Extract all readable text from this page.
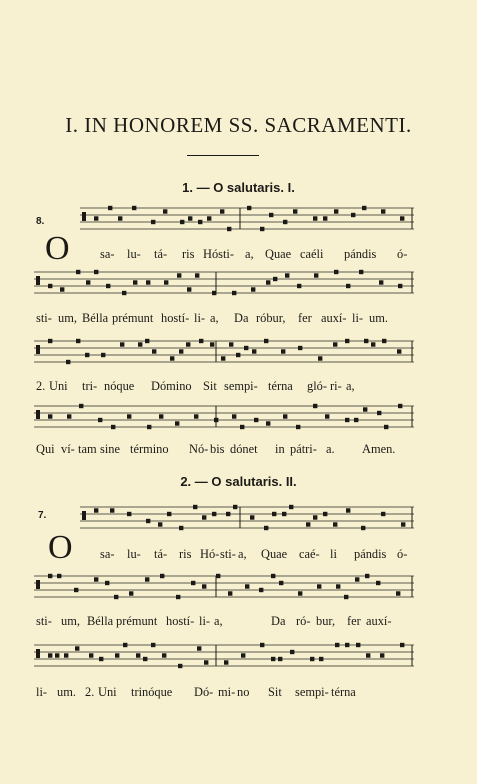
I. IN HONOREM SS. SACRAMENTI.
1. — O salutaris. I.
8.
O sa- lu- tá- ris Hósti- a, Quae caéli pándis ó-
sti- um, Béllа prémunt hostí- li- a, Da róbur, fer auxí- li- um.
2. Uni tri- nóque Dómino Sit sempi- térna gló- ri- a,
Qui ví- tam sine término Nó- bis dónet in pátri- a. Amen.
2. — O salutaris. II.
7.
O sa- lu- tá- ris Hó- sti- a, Quae caé- li pándis ó-
sti- um, Béllа prémunt hostí- li- a,	Da ró- bur, fer auxí-
li- um. 2. Uni trinóque Dó- mi- no Sit sempi- térna
